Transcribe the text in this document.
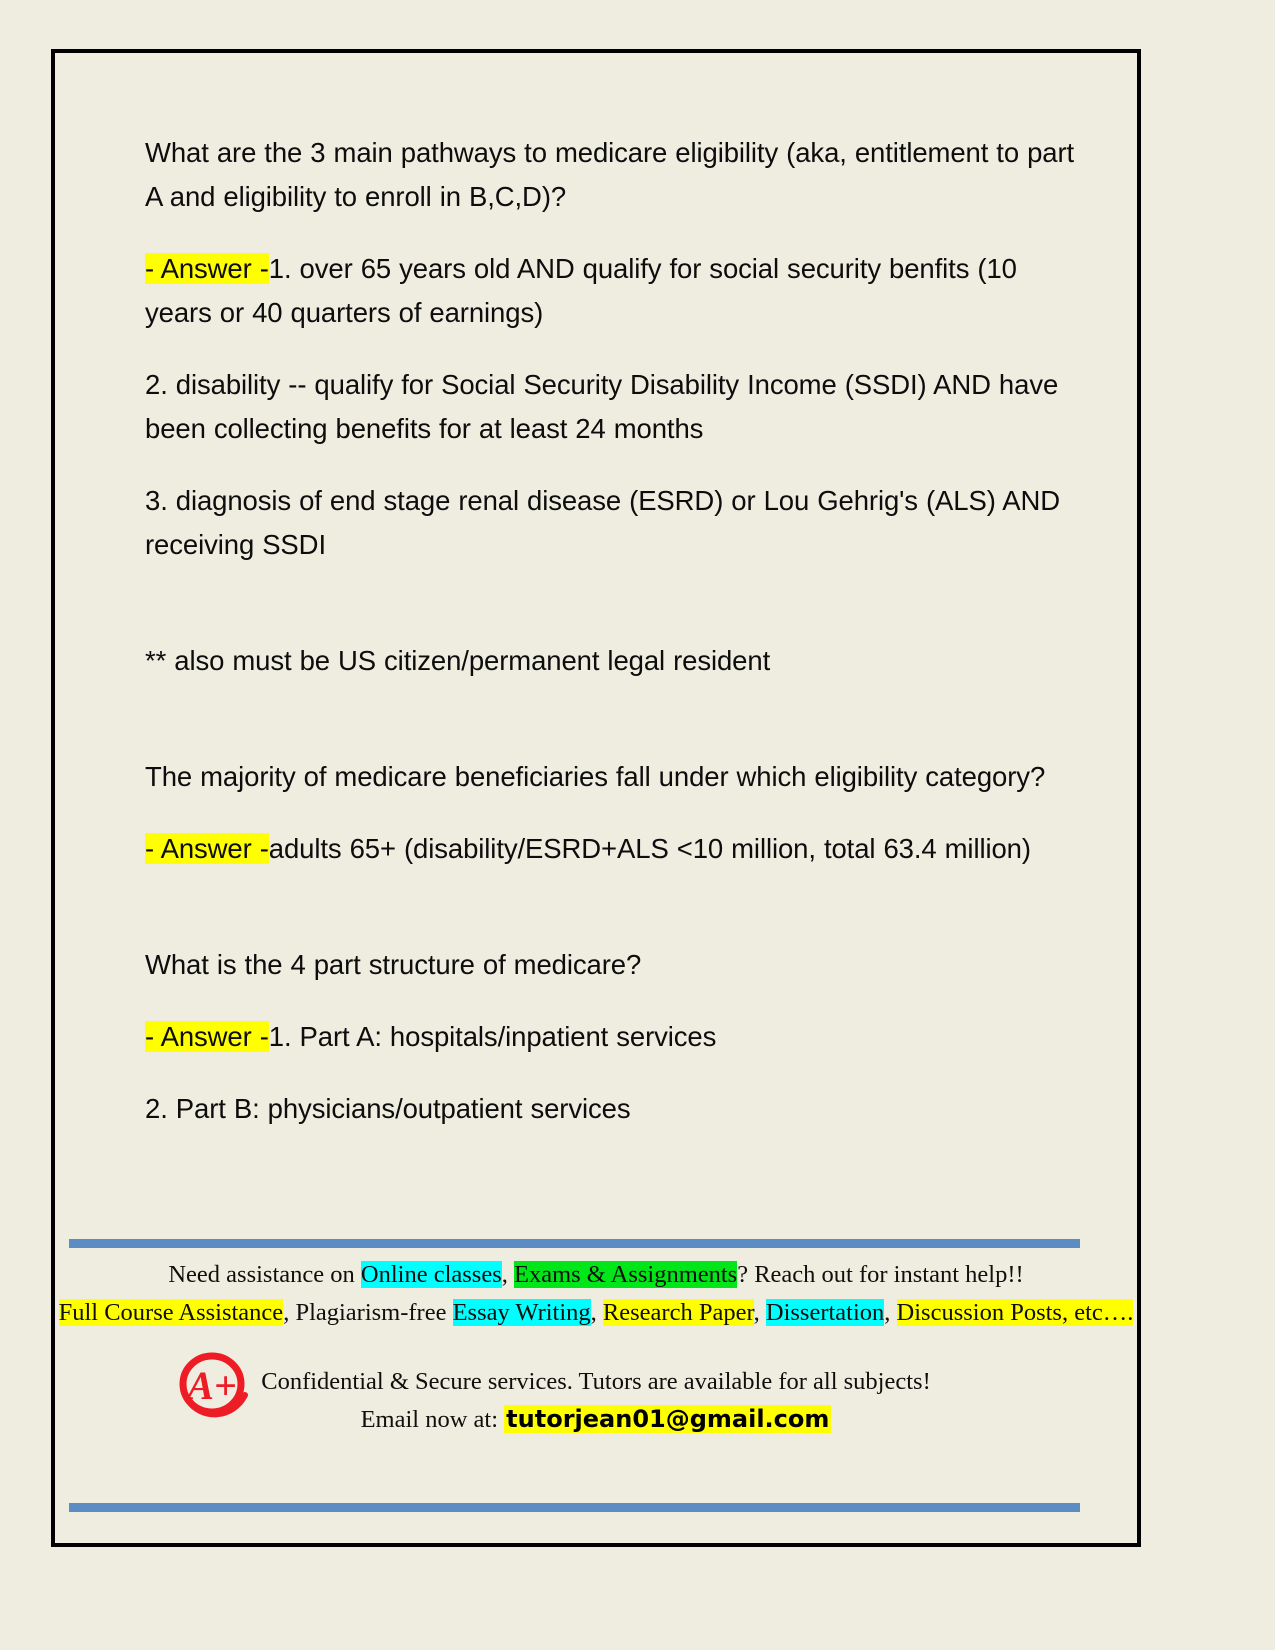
What are the 3 main pathways to medicare eligibility (aka, entitlement to part A and eligibility to enroll in B,C,D)?

- Answer -1. over 65 years old AND qualify for social security benfits (10 years or 40 quarters of earnings)

2. disability -- qualify for Social Security Disability Income (SSDI) AND have been collecting benefits for at least 24 months

3. diagnosis of end stage renal disease (ESRD) or Lou Gehrig's (ALS) AND receiving SSDI

** also must be US citizen/permanent legal resident

The majority of medicare beneficiaries fall under which eligibility category?

- Answer -adults 65+ (disability/ESRD+ALS <10 million, total 63.4 million)

What is the 4 part structure of medicare?

- Answer -1. Part A: hospitals/inpatient services

2. Part B: physicians/outpatient services

Need assistance on Online classes, Exams & Assignments? Reach out for instant help!!
Full Course Assistance, Plagiarism-free Essay Writing, Research Paper, Dissertation, Discussion Posts, etc….
A+	Confidential & Secure services. Tutors are available for all subjects!
Email now at: tutorjean01@gmail.com
